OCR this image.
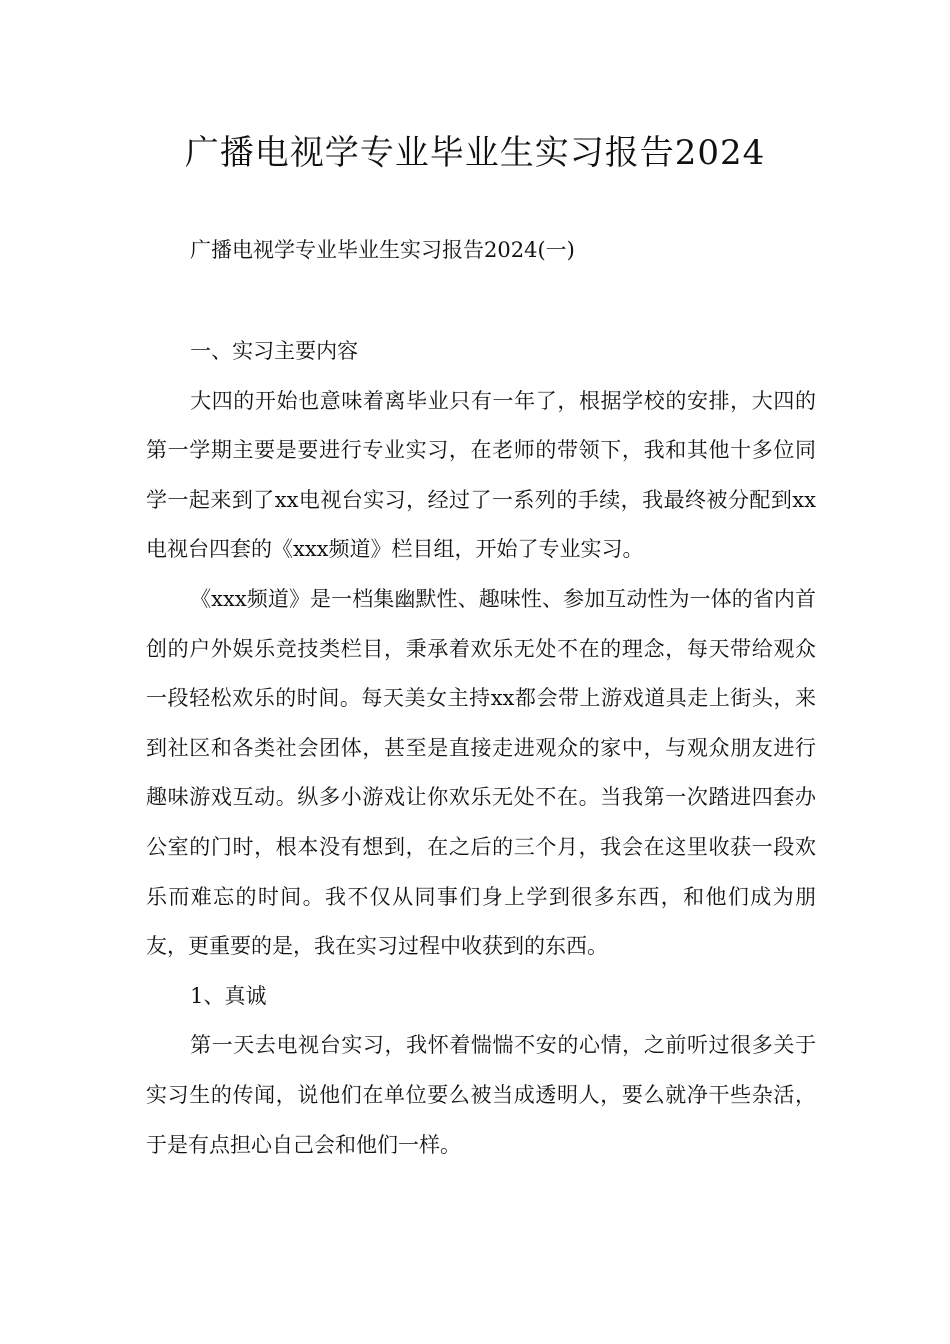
广播电视学专业毕业生实习报告2024
广播电视学专业毕业生实习报告2024(一)

一、实习主要内容

大四的开始也意味着离毕业只有一年了，根据学校的安排，大四的第一学期主要是要进行专业实习，在老师的带领下，我和其他十多位同学一起来到了xx电视台实习，经过了一系列的手续，我最终被分配到xx电视台四套的《xxx频道》栏目组，开始了专业实习。

《xxx频道》是一档集幽默性、趣味性、参加互动性为一体的省内首创的户外娱乐竞技类栏目，秉承着欢乐无处不在的理念，每天带给观众一段轻松欢乐的时间。每天美女主持xx都会带上游戏道具走上街头，来到社区和各类社会团体，甚至是直接走进观众的家中，与观众朋友进行趣味游戏互动。纵多小游戏让你欢乐无处不在。当我第一次踏进四套办公室的门时，根本没有想到，在之后的三个月，我会在这里收获一段欢乐而难忘的时间。我不仅从同事们身上学到很多东西，和他们成为朋友，更重要的是，我在实习过程中收获到的东西。

1、真诚

第一天去电视台实习，我怀着惴惴不安的心情，之前听过很多关于实习生的传闻，说他们在单位要么被当成透明人，要么就净干些杂活，于是有点担心自己会和他们一样。
